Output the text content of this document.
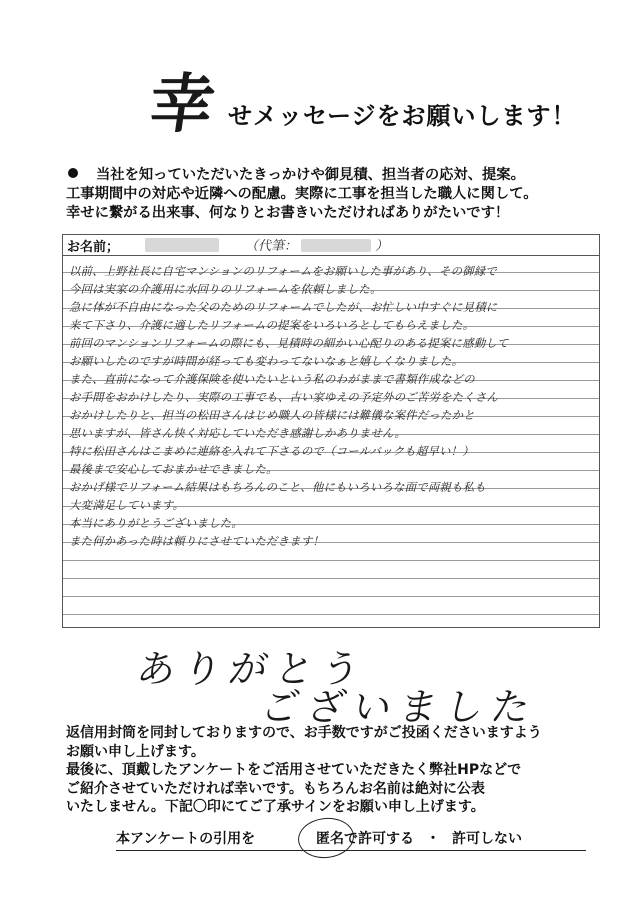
幸 せメッセージをお願いします！

当社を知っていただいたきっかけや御見積、担当者の応対、提案。

工事期間中の対応や近隣への配慮。実際に工事を担当した職人に関して。

幸せに繋がる出来事、何なりとお書きいただければありがたいです！

お名前；	（代筆：	）
以前、上野社長に自宅マンションのリフォームをお願いした事があり、その御縁で
今回は実家の介護用に水回りのリフォームを依頼しました。
急に体が不自由になった父のためのリフォームでしたが、お忙しい中すぐに見積に
来て下さり、介護に適したリフォームの提案をいろいろとしてもらえました。
前回のマンションリフォームの際にも、見積時の細かい心配りのある提案に感動して
お願いしたのですが時間が経っても変わってないなぁと嬉しくなりました。
また、直前になって介護保険を使いたいという私のわがままで書類作成などの
お手間をおかけしたり、実際の工事でも、古い家ゆえの予定外のご苦労をたくさん
おかけしたりと、担当の松田さんはじめ職人の皆様には難儀な案件だったかと
思いますが、皆さん快く対応していただき感謝しかありません。
特に松田さんはこまめに連絡を入れて下さるので（コールバックも超早い！）
最後まで安心しておまかせできました。
おかげ様でリフォーム結果はもちろんのこと、他にもいろいろな面で両親も私も
大変満足しています。
本当にありがとうございました。
また何かあった時は頼りにさせていただきます！
ありがとう
ございました

返信用封筒を同封しておりますので、お手数ですがご投函くださいますよう

お願い申し上げます。

最後に、頂戴したアンケートをご活用させていただきたく弊社HPなどで

ご紹介させていただければ幸いです。もちろんお名前は絶対に公表

いたしません。下記〇印にてご了承サインをお願い申し上げます。

本アンケートの引用を	匿名で許可する ・ 許可しない
